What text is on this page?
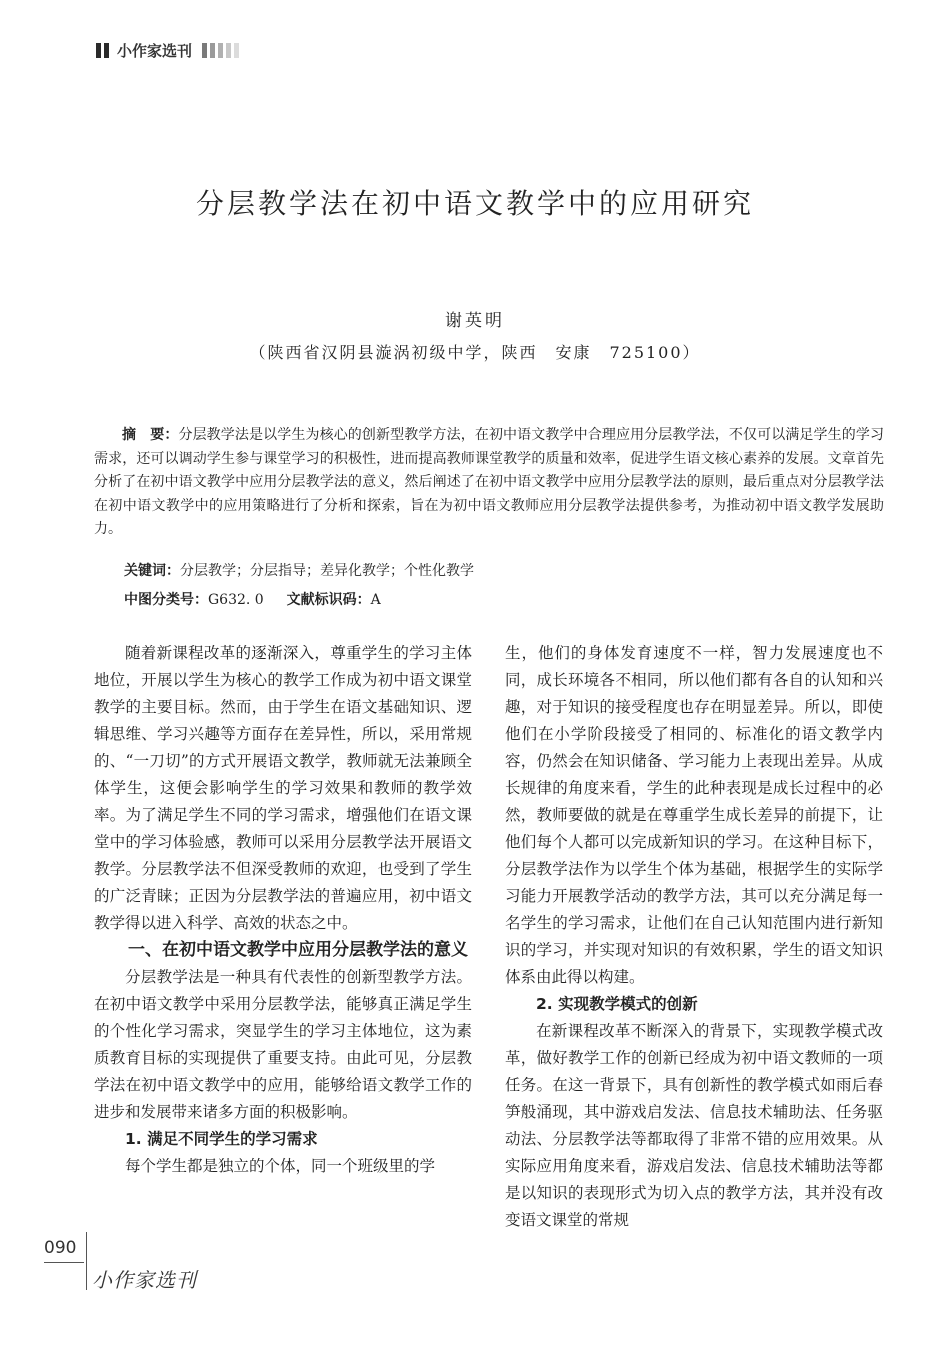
小作家选刊
分层教学法在初中语文教学中的应用研究
谢英明
（陕西省汉阴县漩涡初级中学，陕西　安康　725100）

摘　要：分层教学法是以学生为核心的创新型教学方法，在初中语文教学中合理应用分层教学法，不仅可以满足学生的学习需求，还可以调动学生参与课堂学习的积极性，进而提高教师课堂教学的质量和效率，促进学生语文核心素养的发展。文章首先分析了在初中语文教学中应用分层教学法的意义，然后阐述了在初中语文教学中应用分层教学法的原则，最后重点对分层教学法在初中语文教学中的应用策略进行了分析和探索，旨在为初中语文教师应用分层教学法提供参考，为推动初中语文教学发展助力。

关键词：分层教学；分层指导；差异化教学；个性化教学
中图分类号：G632. 0 文献标识码：A

随着新课程改革的逐渐深入，尊重学生的学习主体地位，开展以学生为核心的教学工作成为初中语文课堂教学的主要目标。然而，由于学生在语文基础知识、逻辑思维、学习兴趣等方面存在差异性，所以，采用常规的、“一刀切”的方式开展语文教学，教师就无法兼顾全体学生，这便会影响学生的学习效果和教师的教学效率。为了满足学生不同的学习需求，增强他们在语文课堂中的学习体验感，教师可以采用分层教学法开展语文教学。分层教学法不但深受教师的欢迎，也受到了学生的广泛青睐；正因为分层教学法的普遍应用，初中语文教学得以进入科学、高效的状态之中。

一、在初中语文教学中应用分层教学法的意义

分层教学法是一种具有代表性的创新型教学方法。在初中语文教学中采用分层教学法，能够真正满足学生的个性化学习需求，突显学生的学习主体地位，这为素质教育目标的实现提供了重要支持。由此可见，分层教学法在初中语文教学中的应用，能够给语文教学工作的进步和发展带来诸多方面的积极影响。

1. 满足不同学生的学习需求

每个学生都是独立的个体，同一个班级里的学

生，他们的身体发育速度不一样，智力发展速度也不同，成长环境各不相同，所以他们都有各自的认知和兴趣，对于知识的接受程度也存在明显差异。所以，即使他们在小学阶段接受了相同的、标准化的语文教学内容，仍然会在知识储备、学习能力上表现出差异。从成长规律的角度来看，学生的此种表现是成长过程中的必然，教师要做的就是在尊重学生成长差异的前提下，让他们每个人都可以完成新知识的学习。在这种目标下，分层教学法作为以学生个体为基础，根据学生的实际学习能力开展教学活动的教学方法，其可以充分满足每一名学生的学习需求，让他们在自己认知范围内进行新知识的学习，并实现对知识的有效积累，学生的语文知识体系由此得以构建。

2. 实现教学模式的创新

在新课程改革不断深入的背景下，实现教学模式改革，做好教学工作的创新已经成为初中语文教师的一项任务。在这一背景下，具有创新性的教学模式如雨后春笋般涌现，其中游戏启发法、信息技术辅助法、任务驱动法、分层教学法等都取得了非常不错的应用效果。从实际应用角度来看，游戏启发法、信息技术辅助法等都是以知识的表现形式为切入点的教学方法，其并没有改变语文课堂的常规

090
小作家选刊
